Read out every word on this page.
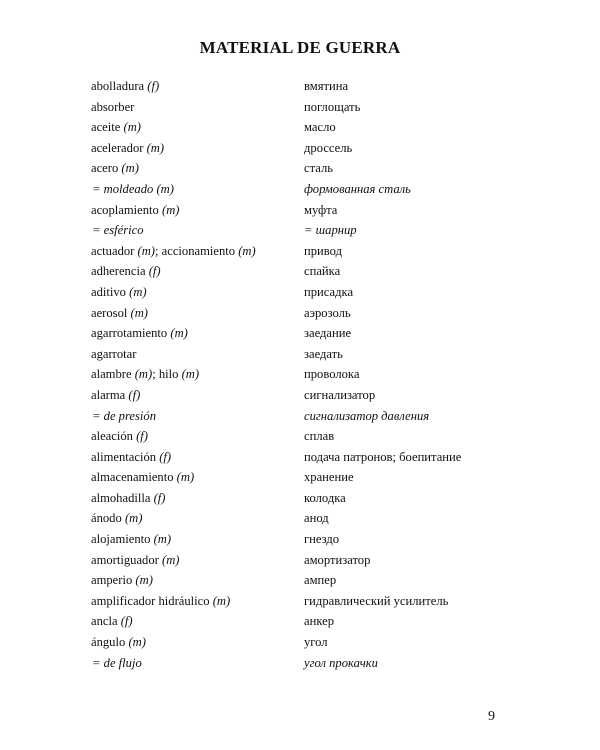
MATERIAL DE GUERRA
abolladura (f)	вмятина
absorber	поглощать
aceite (m)	масло
acelerador (m)	дроссель
acero (m)	сталь
= moldeado (m)	формованная сталь
acoplamiento (m)	муфта
= esférico	= шарнир
actuador (m); accionamiento (m)	привод
adherencia (f)	спайка
aditivo (m)	присадка
aerosol (m)	аэрозоль
agarrotamiento (m)	заедание
agarrotar	заедать
alambre (m); hilo (m)	проволока
alarma (f)	сигнализатор
= de presión	сигнализатор давления
aleación (f)	сплав
alimentación (f)	подача патронов; боепитание
almacenamiento (m)	хранение
almohadilla (f)	колодка
ánodo (m)	анод
alojamiento (m)	гнездо
amortiguador (m)	амортизатор
amperio (m)	ампер
amplificador hidráulico (m)	гидравлический усилитель
ancla (f)	анкер
ángulo (m)	угол
= de flujo	угол прокачки
9
